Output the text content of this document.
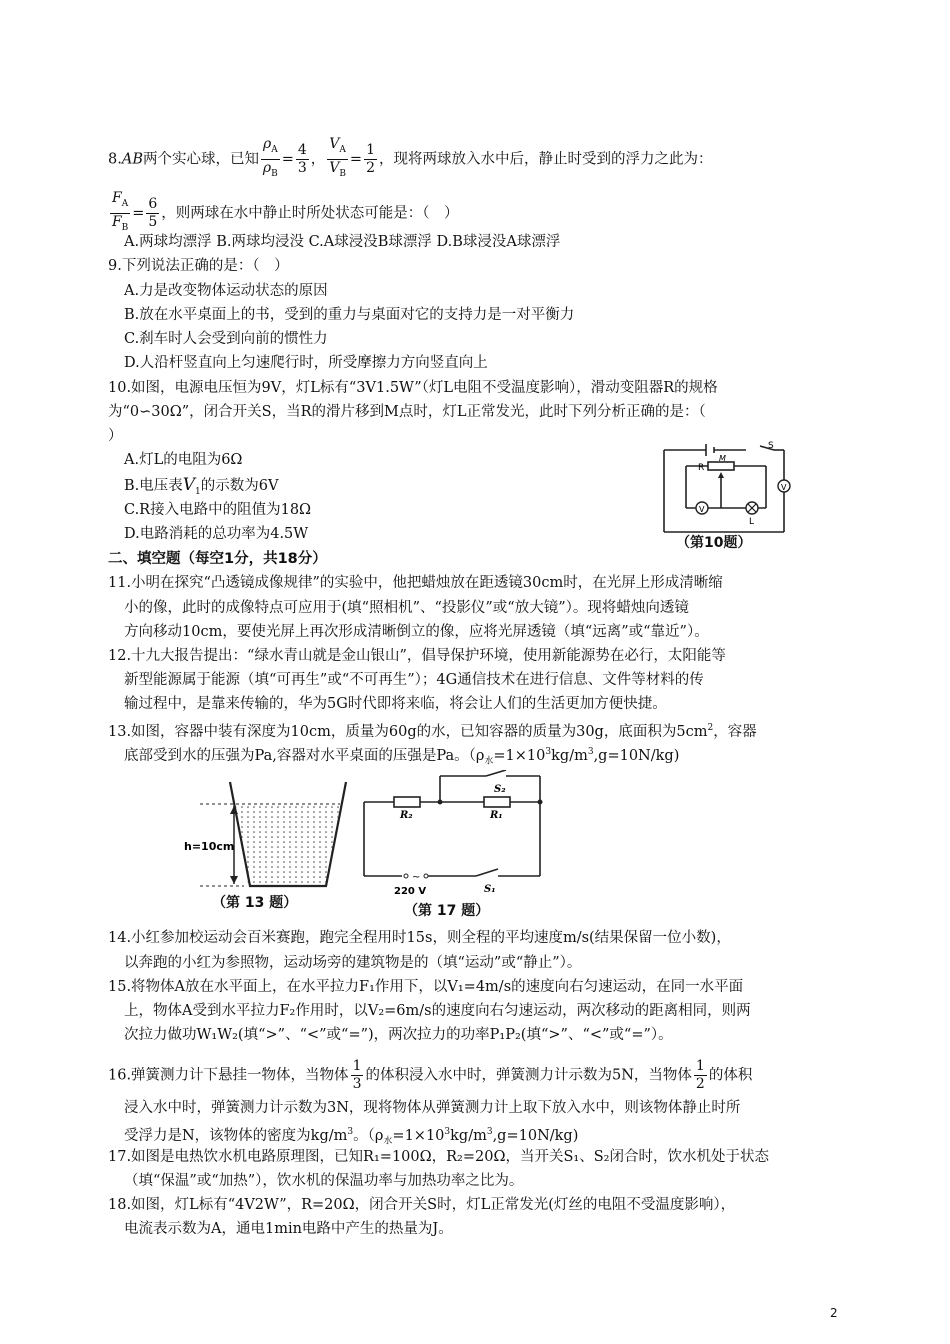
8.AB两个实心球，已知 $\frac{\rho_A}{\rho_B} = \frac{4}{3}$ ， $\frac{V_A}{V_B} = \frac{1}{2}$ ，现将两球放入水中后，静止时受到的浮力之此为：
$\frac{F_A}{F_B} = \frac{6}{5}$ ，则两球在水中静止时所处状态可能是：（　）
A.两球均漂浮 B.两球均浸没 C.A球浸没B球漂浮 D.B球浸没A球漂浮
9.下列说法正确的是：（　）
A.力是改变物体运动状态的原因
B.放在水平桌面上的书，受到的重力与桌面对它的支持力是一对平衡力
C.刹车时人会受到向前的惯性力
D.人沿杆竖直向上匀速爬行时，所受摩擦力方向竖直向上
10.如图，电源电压恒为9V，灯L标有“3V1.5W”（灯L电阻不受温度影响），滑动变阻器R的规格
为“0∽30Ω”，闭合开关S，当R的滑片移到M点时，灯L正常发光，此时下列分析正确的是：（
）
A.灯L的电阻为6Ω
B.电压表$V_1$的示数为6V
C.R接入电路中的阻值为18Ω
D.电路消耗的总功率为4.5W
V
V
S
R
M
L
（第10题）
二、填空题（每空1分，共18分）
11.小明在探究“凸透镜成像规律”的实验中，他把蜡烛放在距透镜30cm时，在光屏上形成清晰缩
小的像，此时的成像特点可应用于(填“照相机”、“投影仪”或“放大镜”）。现将蜡烛向透镜
方向移动10cm，要使光屏上再次形成清晰倒立的像，应将光屏透镜（填“远离”或“靠近”）。
12.十九大报告提出：“绿水青山就是金山银山”，倡导保护环境，使用新能源势在必行，太阳能等
新型能源属于能源（填“可再生”或“不可再生”）；4G通信技术在进行信息、文件等材料的传
输过程中，是靠来传输的，华为5G时代即将来临，将会让人们的生活更加方便快捷。
13.如图，容器中装有深度为10cm，质量为60g的水，已知容器的质量为30g，底面积为$5cm^2$，容器
底部受到水的压强为Pa,容器对水平桌面的压强是Pa。$(\rho_水=1\times 10^3kg/m^3,g=10N/kg)$
h=10cm
（第 13 题）
~
R₂	R₁
S₂
S₁
220 V
（第 17 题）
14.小红参加校运动会百米赛跑，跑完全程用时15s，则全程的平均速度m/s(结果保留一位小数)，
以奔跑的小红为参照物，运动场旁的建筑物是的（填“运动”或“静止”）。
15.将物体A放在水平面上，在水平拉力F₁作用下，以V₁=4m/s的速度向右匀速运动，在同一水平面
上，物体A受到水平拉力F₂作用时，以V₂=6m/s的速度向右匀速运动，两次移动的距离相同，则两
次拉力做功W₁W₂(填“>”、“<”或“=”)，两次拉力的功率P₁P₂(填“>”、“<”或“=”）。
16.弹簧测力计下悬挂一物体，当物体 $\frac{1}{3}$ 的体积浸入水中时，弹簧测力计示数为5N，当物体 $\frac{1}{2}$ 的体积
浸入水中时，弹簧测力计示数为3N，现将物体从弹簧测力计上取下放入水中，则该物体静止时所
受浮力是N，该物体的密度为$kg/m^3$。$(\rho_水=1\times 10^3kg/m^3,g=10N/kg)$
17.如图是电热饮水机电路原理图，已知R₁=100Ω，R₂=20Ω，当开关S₁、S₂闭合时，饮水机处于状态
（填“保温”或“加热”），饮水机的保温功率与加热功率之比为。
18.如图，灯L标有“4V2W”，R=20Ω，闭合开关S时，灯L正常发光(灯丝的电阻不受温度影响），
电流表示数为A，通电1min电路中产生的热量为J。
2
